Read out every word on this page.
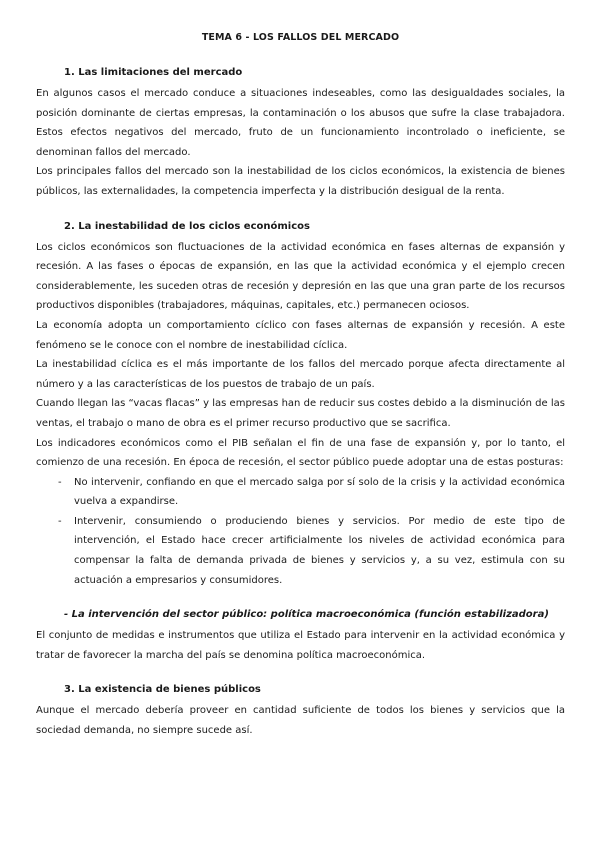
TEMA 6 - LOS FALLOS DEL MERCADO
1. Las limitaciones del mercado

En algunos casos el mercado conduce a situaciones indeseables, como las desigualdades sociales, la posición dominante de ciertas empresas, la contaminación o los abusos que sufre la clase trabajadora. Estos efectos negativos del mercado, fruto de un funcionamiento incontrolado o ineficiente, se denominan fallos del mercado.

Los principales fallos del mercado son la inestabilidad de los ciclos económicos, la existencia de bienes públicos, las externalidades, la competencia imperfecta y la distribución desigual de la renta.

2. La inestabilidad de los ciclos económicos

Los ciclos económicos son fluctuaciones de la actividad económica en fases alternas de expansión y recesión. A las fases o épocas de expansión, en las que la actividad económica y el ejemplo crecen considerablemente, les suceden otras de recesión y depresión en las que una gran parte de los recursos productivos disponibles (trabajadores, máquinas, capitales, etc.) permanecen ociosos.

La economía adopta un comportamiento cíclico con fases alternas de expansión y recesión. A este fenómeno se le conoce con el nombre de inestabilidad cíclica.

La inestabilidad cíclica es el más importante de los fallos del mercado porque afecta directamente al número y a las características de los puestos de trabajo de un país.

Cuando llegan las “vacas flacas” y las empresas han de reducir sus costes debido a la disminución de las ventas, el trabajo o mano de obra es el primer recurso productivo que se sacrifica.

Los indicadores económicos como el PIB señalan el fin de una fase de expansión y, por lo tanto, el comienzo de una recesión. En época de recesión, el sector público puede adoptar una de estas posturas:

- No intervenir, confiando en que el mercado salga por sí solo de la crisis y la actividad económica vuelva a expandirse.

- Intervenir, consumiendo o produciendo bienes y servicios. Por medio de este tipo de intervención, el Estado hace crecer artificialmente los niveles de actividad económica para compensar la falta de demanda privada de bienes y servicios y, a su vez, estimula con su actuación a empresarios y consumidores.

- La intervención del sector público: política macroeconómica (función estabilizadora)

El conjunto de medidas e instrumentos que utiliza el Estado para intervenir en la actividad económica y tratar de favorecer la marcha del país se denomina política macroeconómica.

3. La existencia de bienes públicos

Aunque el mercado debería proveer en cantidad suficiente de todos los bienes y servicios que la sociedad demanda, no siempre sucede así.
